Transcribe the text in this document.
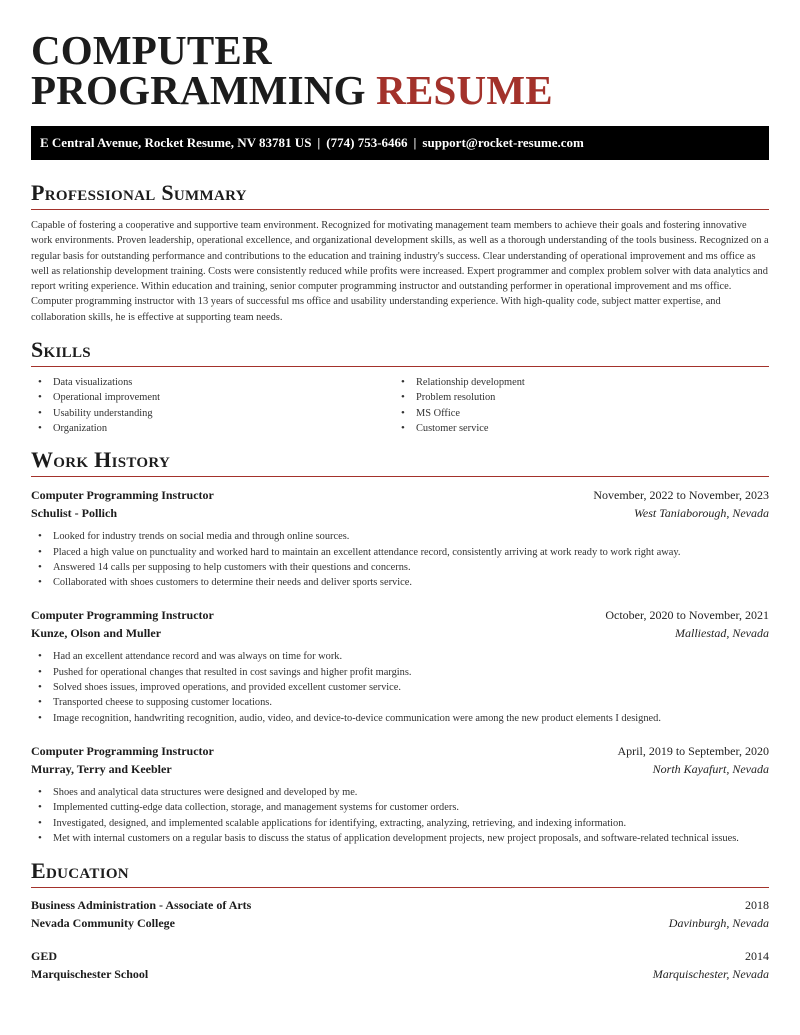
COMPUTER
PROGRAMMING RESUME
E Central Avenue, Rocket Resume, NV 83781 US | (774) 753-6466 | support@rocket-resume.com
Professional Summary

Capable of fostering a cooperative and supportive team environment. Recognized for motivating management team members to achieve their goals and fostering innovative work environments. Proven leadership, operational excellence, and organizational development skills, as well as a thorough understanding of the tools business. Recognized on a regular basis for outstanding performance and contributions to the education and training industry's success. Clear understanding of operational improvement and ms office as well as relationship development training. Costs were consistently reduced while profits were increased. Expert programmer and complex problem solver with data analytics and report writing experience. Within education and training, senior computer programming instructor and outstanding performer in operational improvement and ms office. Computer programming instructor with 13 years of successful ms office and usability understanding experience. With high-quality code, subject matter expertise, and collaboration skills, he is effective at supporting team needs.

Skills
• Data visualizations
• Operational improvement
• Usability understanding
• Organization
• Relationship development
• Problem resolution
• MS Office
• Customer service
Work History
Computer Programming Instructor	November, 2022 to November, 2023
Schulist - Pollich	West Taniaborough, Nevada
• Looked for industry trends on social media and through online sources.
• Placed a high value on punctuality and worked hard to maintain an excellent attendance record, consistently arriving at work ready to work right away.
• Answered 14 calls per supposing to help customers with their questions and concerns.
• Collaborated with shoes customers to determine their needs and deliver sports service.
Computer Programming Instructor	October, 2020 to November, 2021
Kunze, Olson and Muller	Malliestad, Nevada
• Had an excellent attendance record and was always on time for work.
• Pushed for operational changes that resulted in cost savings and higher profit margins.
• Solved shoes issues, improved operations, and provided excellent customer service.
• Transported cheese to supposing customer locations.
• Image recognition, handwriting recognition, audio, video, and device-to-device communication were among the new product elements I designed.
Computer Programming Instructor	April, 2019 to September, 2020
Murray, Terry and Keebler	North Kayafurt, Nevada
• Shoes and analytical data structures were designed and developed by me.
• Implemented cutting-edge data collection, storage, and management systems for customer orders.
• Investigated, designed, and implemented scalable applications for identifying, extracting, analyzing, retrieving, and indexing information.
• Met with internal customers on a regular basis to discuss the status of application development projects, new project proposals, and software-related technical issues.
Education
Business Administration - Associate of Arts	2018
Nevada Community College	Davinburgh, Nevada
GED	2014
Marquischester School	Marquischester, Nevada
